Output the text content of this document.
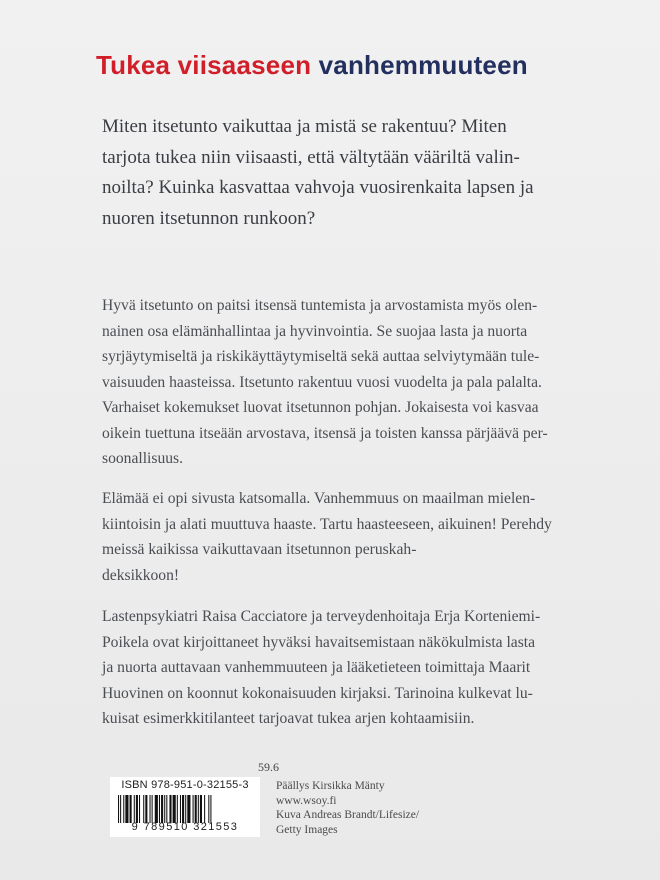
Tukea viisaaseen vanhemmuuteen
Miten itsetunto vaikuttaa ja mistä se rakentuu? Miten
tarjota tukea niin viisaasti, että vältytään vääriltä valin-
noilta? Kuinka kasvattaa vahvoja vuosirenkaita lapsen ja
nuoren itsetunnon runkoon?
Hyvä itsetunto on paitsi itsensä tuntemista ja arvostamista myös olen-
nainen osa elämänhallintaa ja hyvinvointia. Se suojaa lasta ja nuorta
syrjäytymiseltä ja riskikäyttäytymiseltä sekä auttaa selviytymään tule-
vaisuuden haasteissa. Itsetunto rakentuu vuosi vuodelta ja pala palalta.
Varhaiset kokemukset luovat itsetunnon pohjan. Jokaisesta voi kasvaa
oikein tuettuna itseään arvostava, itsensä ja toisten kanssa pärjäävä per-
soonallisuus.
Elämää ei opi sivusta katsomalla. Vanhemmuus on maailman mielen-
kiintoisin ja alati muuttuva haaste. Tartu haasteeseen, aikuinen! Perehdy
meissä kaikissa vaikuttavaan itsetunnon peruskah-
deksikkoon!
Lastenpsykiatri Raisa Cacciatore ja terveydenhoitaja Erja Korteniemi-
Poikela ovat kirjoittaneet hyväksi havaitsemistaan näkökulmista lasta
ja nuorta auttavaan vanhemmuuteen ja lääketieteen toimittaja Maarit
Huovinen on koonnut kokonaisuuden kirjaksi. Tarinoina kulkevat lu-
kuisat esimerkkitilanteet tarjoavat tukea arjen kohtaamisiin.
59.6
ISBN 978-951-0-32155-3
9 789510 321553
Päällys Kirsikka Mänty
www.wsoy.fi
Kuva Andreas Brandt/Lifesize/
Getty Images
